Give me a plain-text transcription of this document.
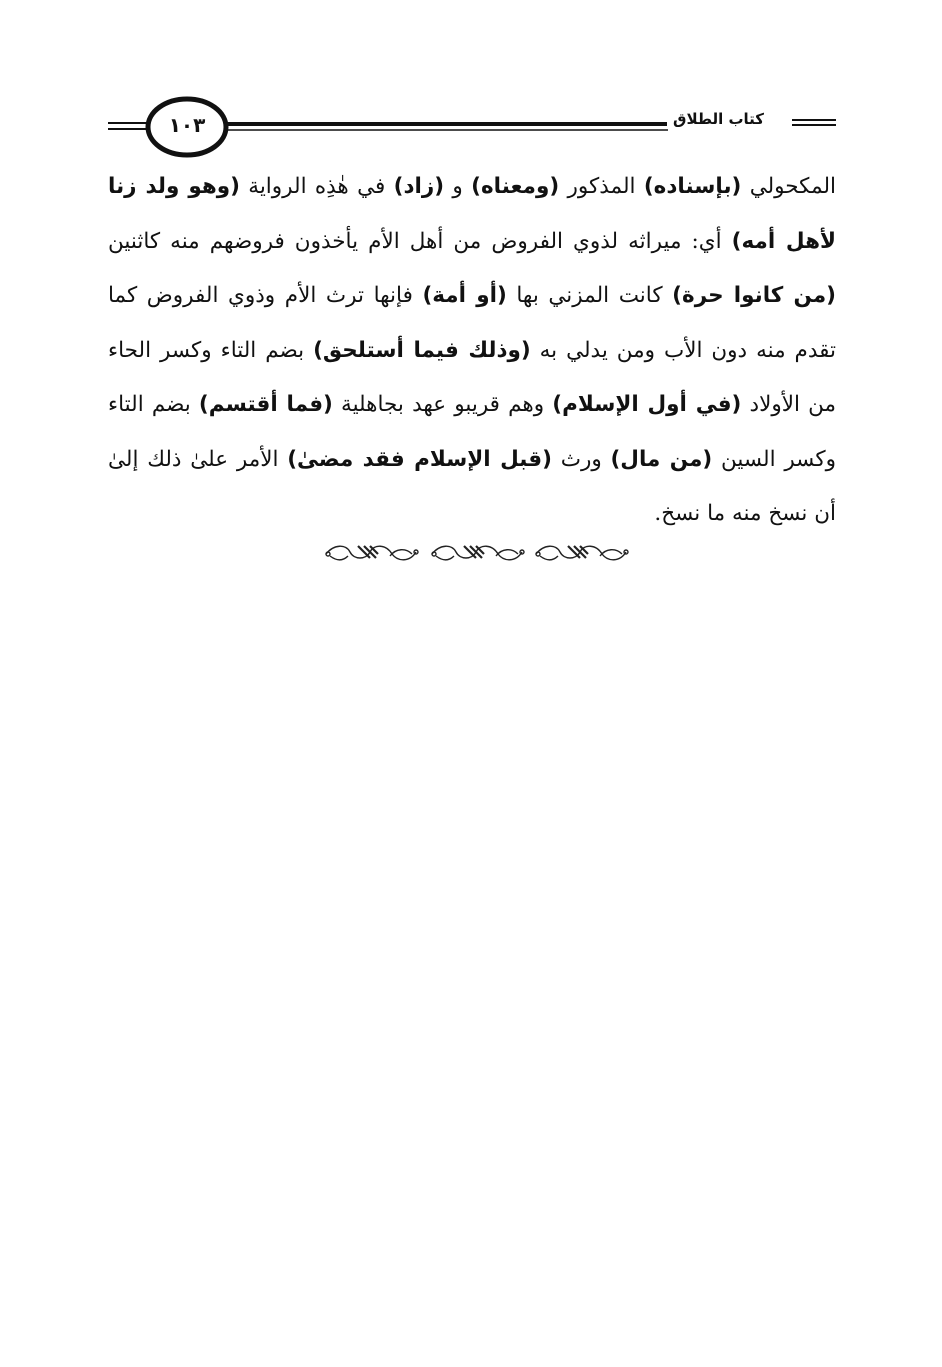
كتاب الطلاق
١٠٣

المكحولي (بإسناده) المذكور (ومعناه) و (زاد) في هٰذِه الرواية (وهو ولد زنا لأهل أمه) أي: ميراثه لذوي الفروض من أهل الأم يأخذون فروضهم منه كاثنين (من كانوا حرة) كانت المزني بها (أو أمة) فإنها ترث الأم وذوي الفروض كما تقدم منه دون الأب ومن يدلي به (وذلك فيما أستلحق) بضم التاء وكسر الحاء من الأولاد (في أول الإسلام) وهم قريبو عهد بجاهلية (فما أقتسم) بضم التاء وكسر السين (من مال) ورث (قبل الإسلام فقد مضىٰ) الأمر علىٰ ذلك إلىٰ أن نسخ منه ما نسخ.
